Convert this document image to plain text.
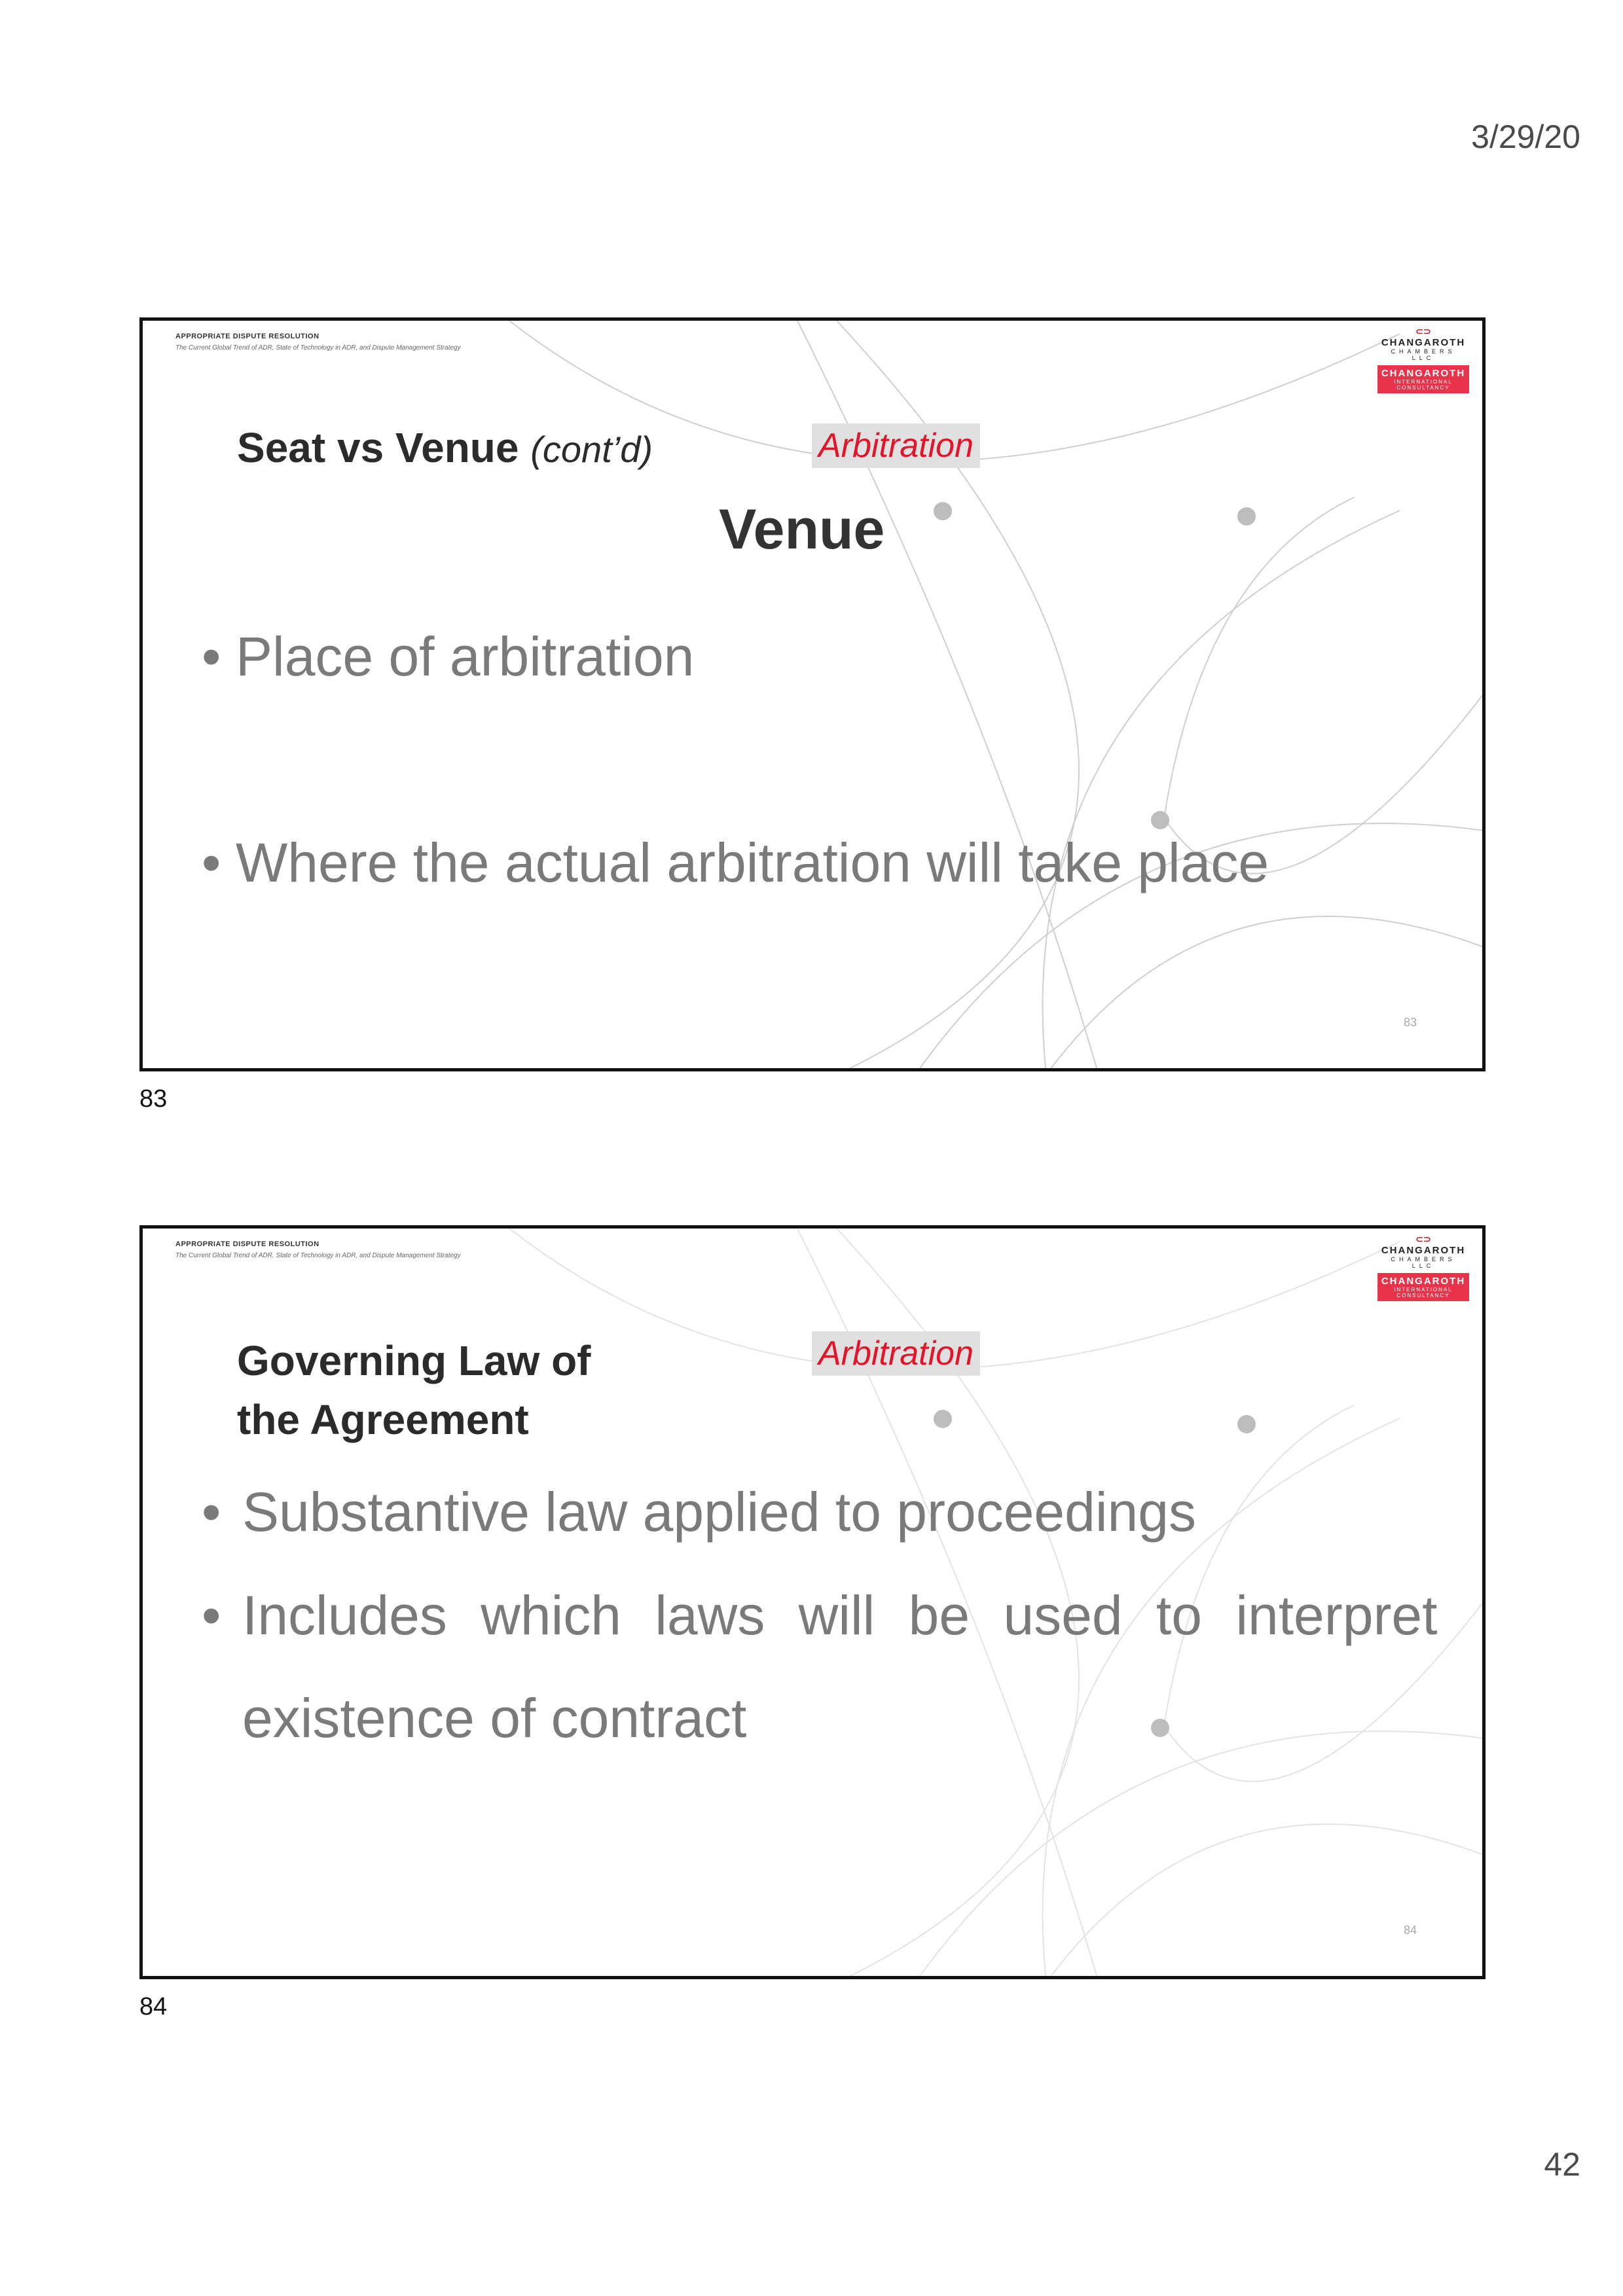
3/29/20
APPROPRIATE DISPUTE RESOLUTION
The Current Global Trend of ADR, State of Technology in ADR, and Dispute Management Strategy
⊂⊃
CHANGAROTH
CHAMBERS LLC
CHANGAROTH
INTERNATIONAL CONSULTANCY
Arbitration
Seat vs Venue (cont’d)
Venue
• Place of arbitration
• Where the actual arbitration will take place
83
83
APPROPRIATE DISPUTE RESOLUTION
The Current Global Trend of ADR, State of Technology in ADR, and Dispute Management Strategy
⊂⊃
CHANGAROTH
CHAMBERS LLC
CHANGAROTH
INTERNATIONAL CONSULTANCY
Arbitration
Governing Law of
the Agreement
• Substantive law applied to proceedings
• Includes which laws will be used to interpret
existence of contract
84
84
42
